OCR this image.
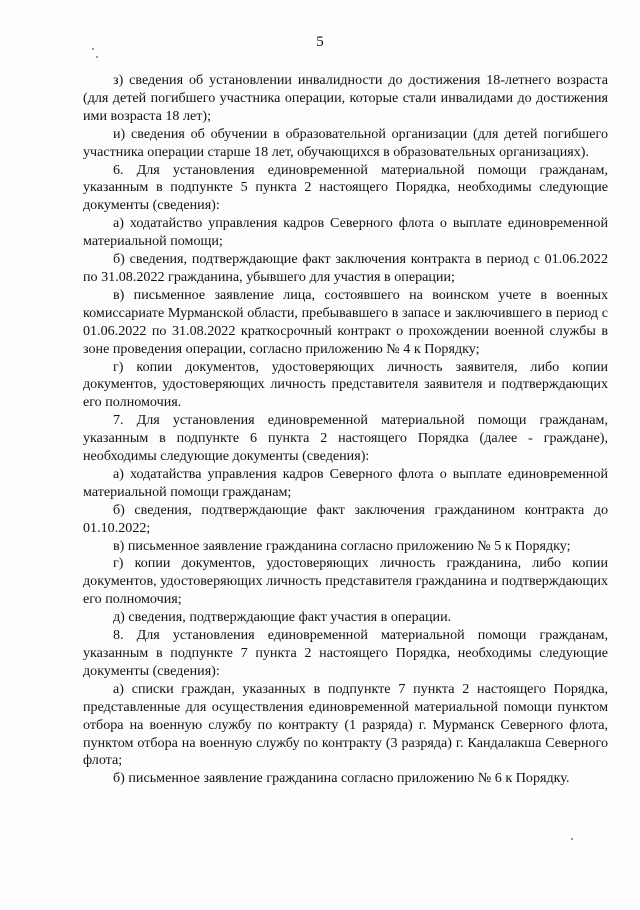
5

з) сведения об установлении инвалидности до достижения 18-летнего возраста (для детей погибшего участника операции, которые стали инвалидами до достижения ими возраста 18 лет);

и) сведения об обучении в образовательной организации (для детей погибшего участника операции старше 18 лет, обучающихся в образовательных организациях).

6. Для установления единовременной материальной помощи гражданам, указанным в подпункте 5 пункта 2 настоящего Порядка, необходимы следующие документы (сведения):

а) ходатайство управления кадров Северного флота о выплате единовременной материальной помощи;

б) сведения, подтверждающие факт заключения контракта в период с 01.06.2022 по 31.08.2022 гражданина, убывшего для участия в операции;

в) письменное заявление лица, состоявшего на воинском учете в военных комиссариате Мурманской области, пребывавшего в запасе и заключившего в период с 01.06.2022 по 31.08.2022 краткосрочный контракт о прохождении военной службы в зоне проведения операции, согласно приложению № 4 к Порядку;

г) копии документов, удостоверяющих личность заявителя, либо копии документов, удостоверяющих личность представителя заявителя и подтверждающих его полномочия.

7. Для установления единовременной материальной помощи гражданам, указанным в подпункте 6 пункта 2 настоящего Порядка (далее - граждане), необходимы следующие документы (сведения):

а) ходатайства управления кадров Северного флота о выплате единовременной материальной помощи гражданам;

б) сведения, подтверждающие факт заключения гражданином контракта до 01.10.2022;

в) письменное заявление гражданина согласно приложению № 5 к Порядку;

г) копии документов, удостоверяющих личность гражданина, либо копии документов, удостоверяющих личность представителя гражданина и подтверждающих его полномочия;

д) сведения, подтверждающие факт участия в операции.

8. Для установления единовременной материальной помощи гражданам, указанным в подпункте 7 пункта 2 настоящего Порядка, необходимы следующие документы (сведения):

а) списки граждан, указанных в подпункте 7 пункта 2 настоящего Порядка, представленные для осуществления единовременной материальной помощи пунктом отбора на военную службу по контракту (1 разряда) г. Мурманск Северного флота, пунктом отбора на военную службу по контракту (3 разряда) г. Кандалакша Северного флота;

б) письменное заявление гражданина согласно приложению № 6 к Порядку.
